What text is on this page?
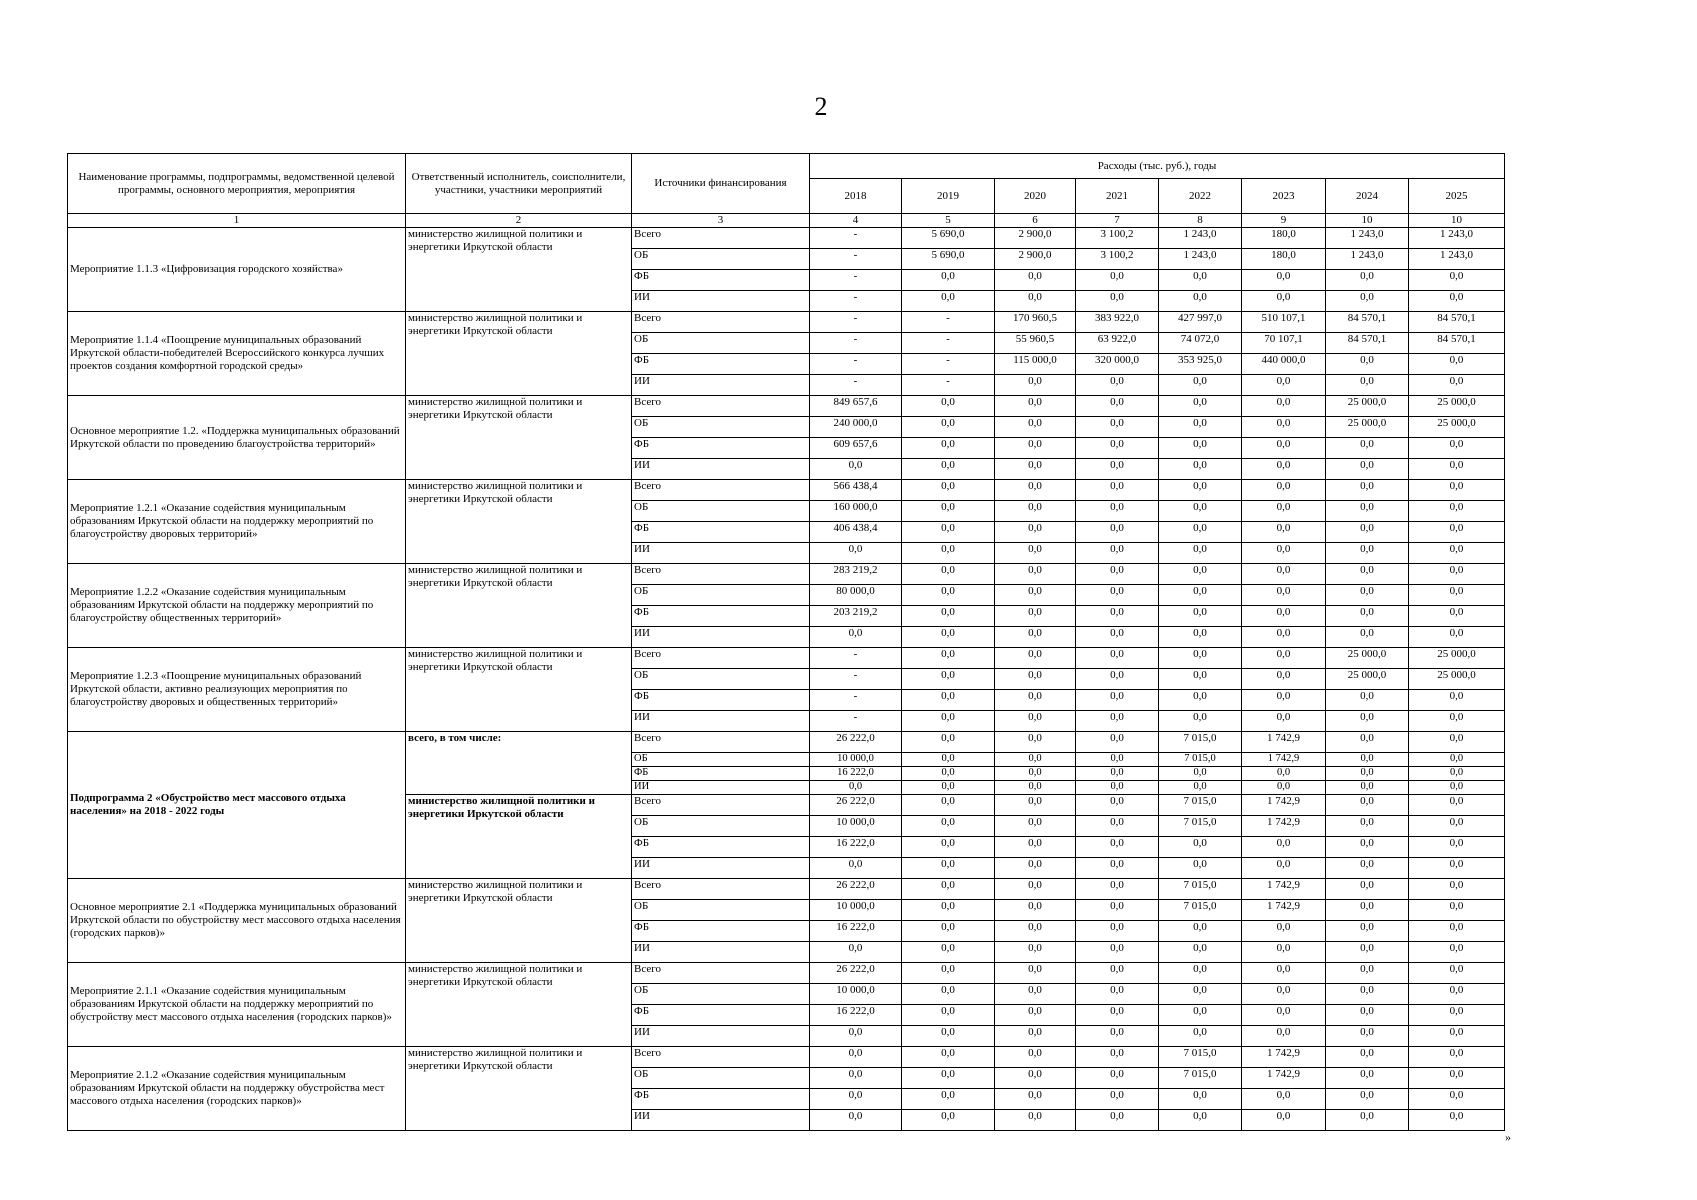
2
Наименование программы, подпрограммы, ведомственной целевой программы, основного мероприятия, мероприятия	Ответственный исполнитель, соисполнители, участники, участники мероприятий	Источники финансирования	Расходы (тыс. руб.), годы							
			2018	2019	2020	2021	2022	2023	2024	2025
1	2	3	4	5	6	7	8	9	10	10
Мероприятие 1.1.3 «Цифровизация городского хозяйства»	министерство жилищной политики и энергетики Иркутской области	Всего	-	5 690,0	2 900,0	3 100,2	1 243,0	180,0	1 243,0	1 243,0
		ОБ	-	5 690,0	2 900,0	3 100,2	1 243,0	180,0	1 243,0	1 243,0
		ФБ	-	0,0	0,0	0,0	0,0	0,0	0,0	0,0
		ИИ	-	0,0	0,0	0,0	0,0	0,0	0,0	0,0
Мероприятие 1.1.4 «Поощрение муниципальных образований Иркутской области-победителей Всероссийского конкурса лучших проектов создания комфортной городской среды»	министерство жилищной политики и энергетики Иркутской области	Всего	-	-	170 960,5	383 922,0	427 997,0	510 107,1	84 570,1	84 570,1
		ОБ	-	-	55 960,5	63 922,0	74 072,0	70 107,1	84 570,1	84 570,1
		ФБ	-	-	115 000,0	320 000,0	353 925,0	440 000,0	0,0	0,0
		ИИ	-	-	0,0	0,0	0,0	0,0	0,0	0,0
Основное мероприятие 1.2. «Поддержка муниципальных образований Иркутской области по проведению благоустройства территорий»	министерство жилищной политики и энергетики Иркутской области	Всего	849 657,6	0,0	0,0	0,0	0,0	0,0	25 000,0	25 000,0
		ОБ	240 000,0	0,0	0,0	0,0	0,0	0,0	25 000,0	25 000,0
		ФБ	609 657,6	0,0	0,0	0,0	0,0	0,0	0,0	0,0
		ИИ	0,0	0,0	0,0	0,0	0,0	0,0	0,0	0,0
Мероприятие 1.2.1 «Оказание содействия муниципальным образованиям Иркутской области на поддержку мероприятий по благоустройству дворовых территорий»	министерство жилищной политики и энергетики Иркутской области	Всего	566 438,4	0,0	0,0	0,0	0,0	0,0	0,0	0,0
		ОБ	160 000,0	0,0	0,0	0,0	0,0	0,0	0,0	0,0
		ФБ	406 438,4	0,0	0,0	0,0	0,0	0,0	0,0	0,0
		ИИ	0,0	0,0	0,0	0,0	0,0	0,0	0,0	0,0
Мероприятие 1.2.2 «Оказание содействия муниципальным образованиям Иркутской области на поддержку мероприятий по благоустройству общественных территорий»	министерство жилищной политики и энергетики Иркутской области	Всего	283 219,2	0,0	0,0	0,0	0,0	0,0	0,0	0,0
		ОБ	80 000,0	0,0	0,0	0,0	0,0	0,0	0,0	0,0
		ФБ	203 219,2	0,0	0,0	0,0	0,0	0,0	0,0	0,0
		ИИ	0,0	0,0	0,0	0,0	0,0	0,0	0,0	0,0
Мероприятие 1.2.3 «Поощрение муниципальных образований Иркутской области, активно реализующих мероприятия по благоустройству дворовых и общественных территорий»	министерство жилищной политики и энергетики Иркутской области	Всего	-	0,0	0,0	0,0	0,0	0,0	25 000,0	25 000,0
		ОБ	-	0,0	0,0	0,0	0,0	0,0	25 000,0	25 000,0
		ФБ	-	0,0	0,0	0,0	0,0	0,0	0,0	0,0
		ИИ	-	0,0	0,0	0,0	0,0	0,0	0,0	0,0
Подпрограмма 2 «Обустройство мест массового отдыха населения» на 2018 - 2022 годы	всего, в том числе:	Всего	26 222,0	0,0	0,0	0,0	7 015,0	1 742,9	0,0	0,0
		ОБ	10 000,0	0,0	0,0	0,0	7 015,0	1 742,9	0,0	0,0
		ФБ	16 222,0	0,0	0,0	0,0	0,0	0,0	0,0	0,0
		ИИ	0,0	0,0	0,0	0,0	0,0	0,0	0,0	0,0
	министерство жилищной политики и энергетики Иркутской области	Всего	26 222,0	0,0	0,0	0,0	7 015,0	1 742,9	0,0	0,0
		ОБ	10 000,0	0,0	0,0	0,0	7 015,0	1 742,9	0,0	0,0
		ФБ	16 222,0	0,0	0,0	0,0	0,0	0,0	0,0	0,0
		ИИ	0,0	0,0	0,0	0,0	0,0	0,0	0,0	0,0
Основное мероприятие 2.1 «Поддержка муниципальных образований Иркутской области по обустройству мест массового отдыха населения (городских парков)»	министерство жилищной политики и энергетики Иркутской области	Всего	26 222,0	0,0	0,0	0,0	7 015,0	1 742,9	0,0	0,0
		ОБ	10 000,0	0,0	0,0	0,0	7 015,0	1 742,9	0,0	0,0
		ФБ	16 222,0	0,0	0,0	0,0	0,0	0,0	0,0	0,0
		ИИ	0,0	0,0	0,0	0,0	0,0	0,0	0,0	0,0
Мероприятие 2.1.1 «Оказание содействия муниципальным образованиям Иркутской области на поддержку мероприятий по обустройству мест массового отдыха населения (городских парков)»	министерство жилищной политики и энергетики Иркутской области	Всего	26 222,0	0,0	0,0	0,0	0,0	0,0	0,0	0,0
		ОБ	10 000,0	0,0	0,0	0,0	0,0	0,0	0,0	0,0
		ФБ	16 222,0	0,0	0,0	0,0	0,0	0,0	0,0	0,0
		ИИ	0,0	0,0	0,0	0,0	0,0	0,0	0,0	0,0
Мероприятие 2.1.2 «Оказание содействия муниципальным образованиям Иркутской области на поддержку обустройства мест массового отдыха населения (городских парков)»	министерство жилищной политики и энергетики Иркутской области	Всего	0,0	0,0	0,0	0,0	7 015,0	1 742,9	0,0	0,0
		ОБ	0,0	0,0	0,0	0,0	7 015,0	1 742,9	0,0	0,0
		ФБ	0,0	0,0	0,0	0,0	0,0	0,0	0,0	0,0
		ИИ	0,0	0,0	0,0	0,0	0,0	0,0	0,0	0,0
»
